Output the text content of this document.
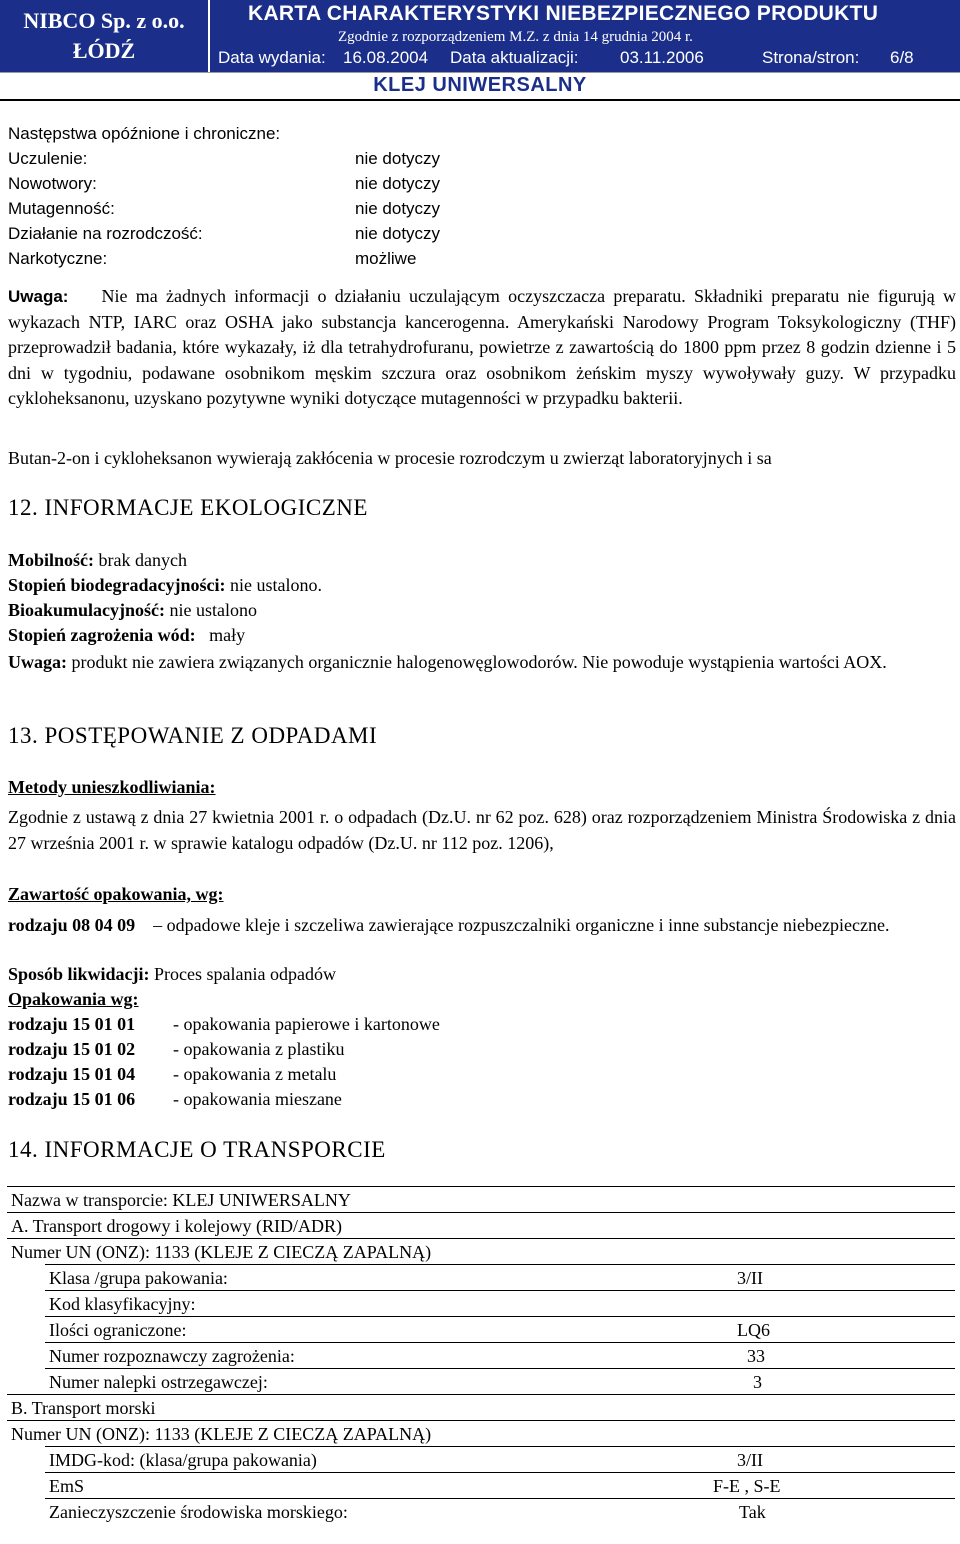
NIBCO Sp. z o.o.
ŁÓDŹ
KARTA CHARAKTERYSTYKI NIEBEZPIECZNEGO PRODUKTU
Zgodnie z rozporządzeniem M.Z. z dnia 14 grudnia 2004 r.
Data wydania: 16.08.2004 Data aktualizacji: 03.11.2006	Strona/stron: 6/8
KLEJ UNIWERSALNY
Następstwa opóźnione i chroniczne:
Uczulenie:	nie dotyczy
Nowotwory:	nie dotyczy
Mutagenność:	nie dotyczy
Działanie na rozrodczość:	nie dotyczy
Narkotyczne:	możliwe
Uwaga: Nie ma żadnych informacji o działaniu uczulającym oczyszczacza preparatu. Składniki preparatu nie figurują w wykazach NTP, IARC oraz OSHA jako substancja kancerogenna. Amerykański Narodowy Program Toksykologiczny (THF) przeprowadził badania, które wykazały, iż dla tetrahydrofuranu, powietrze z zawartością do 1800 ppm przez 8 godzin dzienne i 5 dni w tygodniu, podawane osobnikom męskim szczura oraz osobnikom żeńskim myszy wywoływały guzy. W przypadku cykloheksanonu, uzyskano pozytywne wyniki dotyczące mutagenności w przypadku bakterii.
Butan-2-on i cykloheksanon wywierają zakłócenia w procesie rozrodczym u zwierząt laboratoryjnych i sa
12. INFORMACJE EKOLOGICZNE
Mobilność: brak danych
Stopień biodegradacyjności: nie ustalono.
Bioakumulacyjność: nie ustalono
Stopień zagrożenia wód: mały
Uwaga: produkt nie zawiera związanych organicznie halogenowęglowodorów. Nie powoduje wystąpienia wartości AOX.
13. POSTĘPOWANIE Z ODPADAMI
Metody unieszkodliwiania:
Zgodnie z ustawą z dnia 27 kwietnia 2001 r. o odpadach (Dz.U. nr 62 poz. 628) oraz rozporządzeniem Ministra Środowiska z dnia 27 września 2001 r. w sprawie katalogu odpadów (Dz.U. nr 112 poz. 1206),
Zawartość opakowania, wg:
rodzaju 08 04 09 – odpadowe kleje i szczeliwa zawierające rozpuszczalniki organiczne i inne substancje niebezpieczne.
Sposób likwidacji: Proces spalania odpadów
Opakowania wg:
rodzaju 15 01 01 - opakowania papierowe i kartonowe
rodzaju 15 01 02 - opakowania z plastiku
rodzaju 15 01 04 - opakowania z metalu
rodzaju 15 01 06 - opakowania mieszane
14. INFORMACJE O TRANSPORCIE
Nazwa w transporcie: KLEJ UNIWERSALNY
A. Transport drogowy i kolejowy (RID/ADR)
Numer UN (ONZ): 1133 (KLEJE Z CIECZĄ ZAPALNĄ)
Klasa /grupa pakowania:	3/II
Kod klasyfikacyjny:
Ilości ograniczone:	LQ6
Numer rozpoznawczy zagrożenia:	33
Numer nalepki ostrzegawczej:	3
B. Transport morski
Numer UN (ONZ): 1133 (KLEJE Z CIECZĄ ZAPALNĄ)
IMDG-kod: (klasa/grupa pakowania)	3/II
EmS	F-E , S-E
Zanieczyszczenie środowiska morskiego:	Tak
